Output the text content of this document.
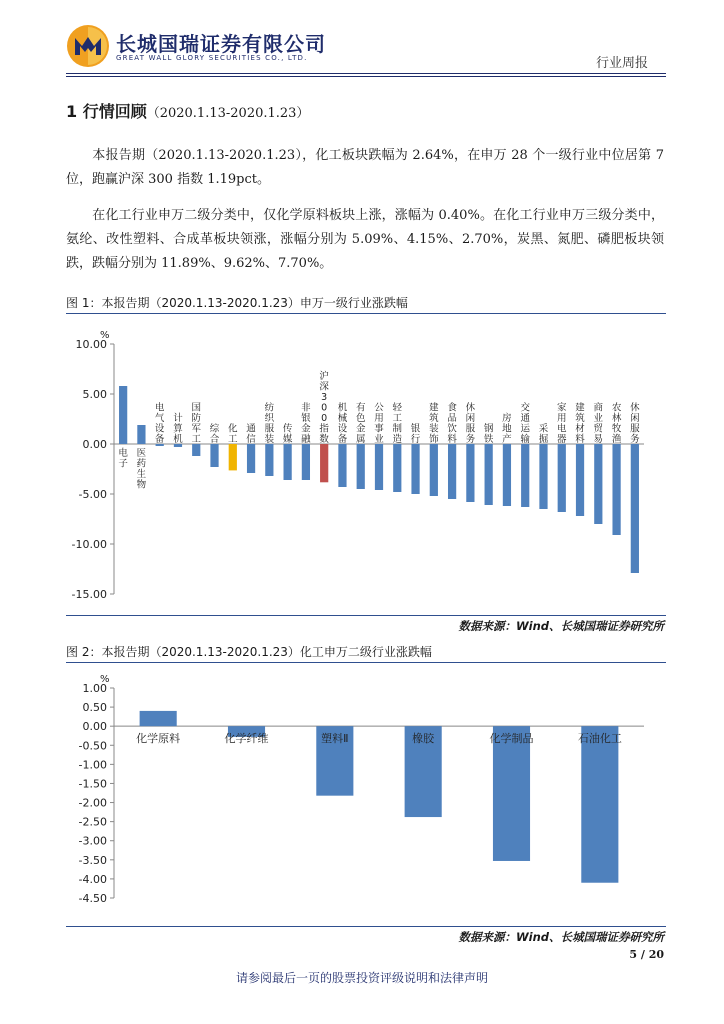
长城国瑞证券有限公司
GREAT WALL GLORY SECURITIES CO., LTD.	行业周报
1 行情回顾（2020.1.13-2020.1.23）
本报告期（2020.1.13-2020.1.23），化工板块跌幅为 2.64%，在申万 28 个一级行业中位居第 7 位，跑赢沪深 300 指数 1.19pct。
在化工行业申万二级分类中，仅化学原料板块上涨，涨幅为 0.40%。在化工行业申万三级分类中，氨纶、改性塑料、合成革板块领涨，涨幅分别为 5.09%、4.15%、2.70%，炭黑、氮肥、磷肥板块领跌，跌幅分别为 11.89%、9.62%、7.70%。
图 1：本报告期（2020.1.13-2020.1.23）申万一级行业涨跌幅
%
10.00
5.00
0.00
-5.00
-10.00
-15.00
电子
医药生物
电气设备
计算机
国防军工
综合
化工
通信
纺织服装
传媒
非银金融
沪深 3 0 0 指数
机械设备
有色金属
公用事业
轻工制造
银行
建筑装饰
食品饮料
休闲服务
钢铁
房地产
交通运输
采掘
家用电器
建筑材料
商业贸易
农林牧渔
休闲服务
数据来源：Wind、长城国瑞证券研究所
图 2：本报告期（2020.1.13-2020.1.23）化工申万二级行业涨跌幅
%
1.00
0.50
0.00
-0.50
-1.00
-1.50
-2.00
-2.50
-3.00
-3.50
-4.00
-4.50
化学原料	化学纤维	塑料Ⅱ	橡胶	化学制品	石油化工
数据来源：Wind、长城国瑞证券研究所
5 / 20
请参阅最后一页的股票投资评级说明和法律声明
